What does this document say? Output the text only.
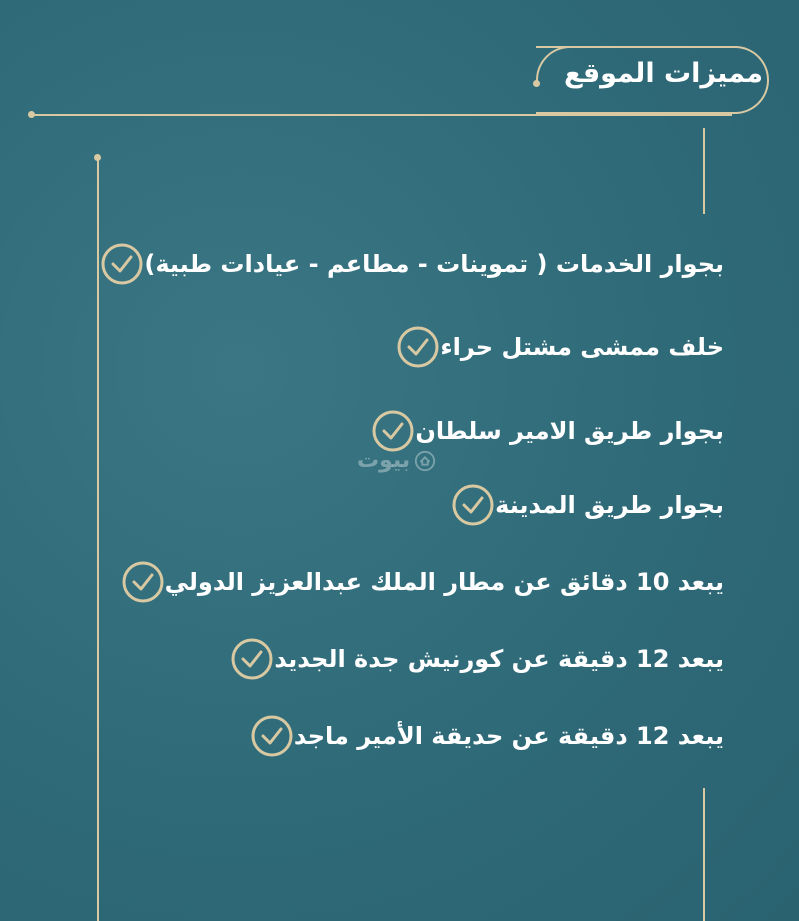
مميزات الموقع
بيوت
بجوار الخدمات ( تموينات - مطاعم - عيادات طبية)
خلف ممشى مشتل حراء
بجوار طريق الامير سلطان
بجوار طريق المدينة
يبعد 10 دقائق عن مطار الملك عبدالعزيز الدولي
يبعد 12 دقيقة عن كورنيش جدة الجديد
يبعد 12 دقيقة عن حديقة الأمير ماجد
